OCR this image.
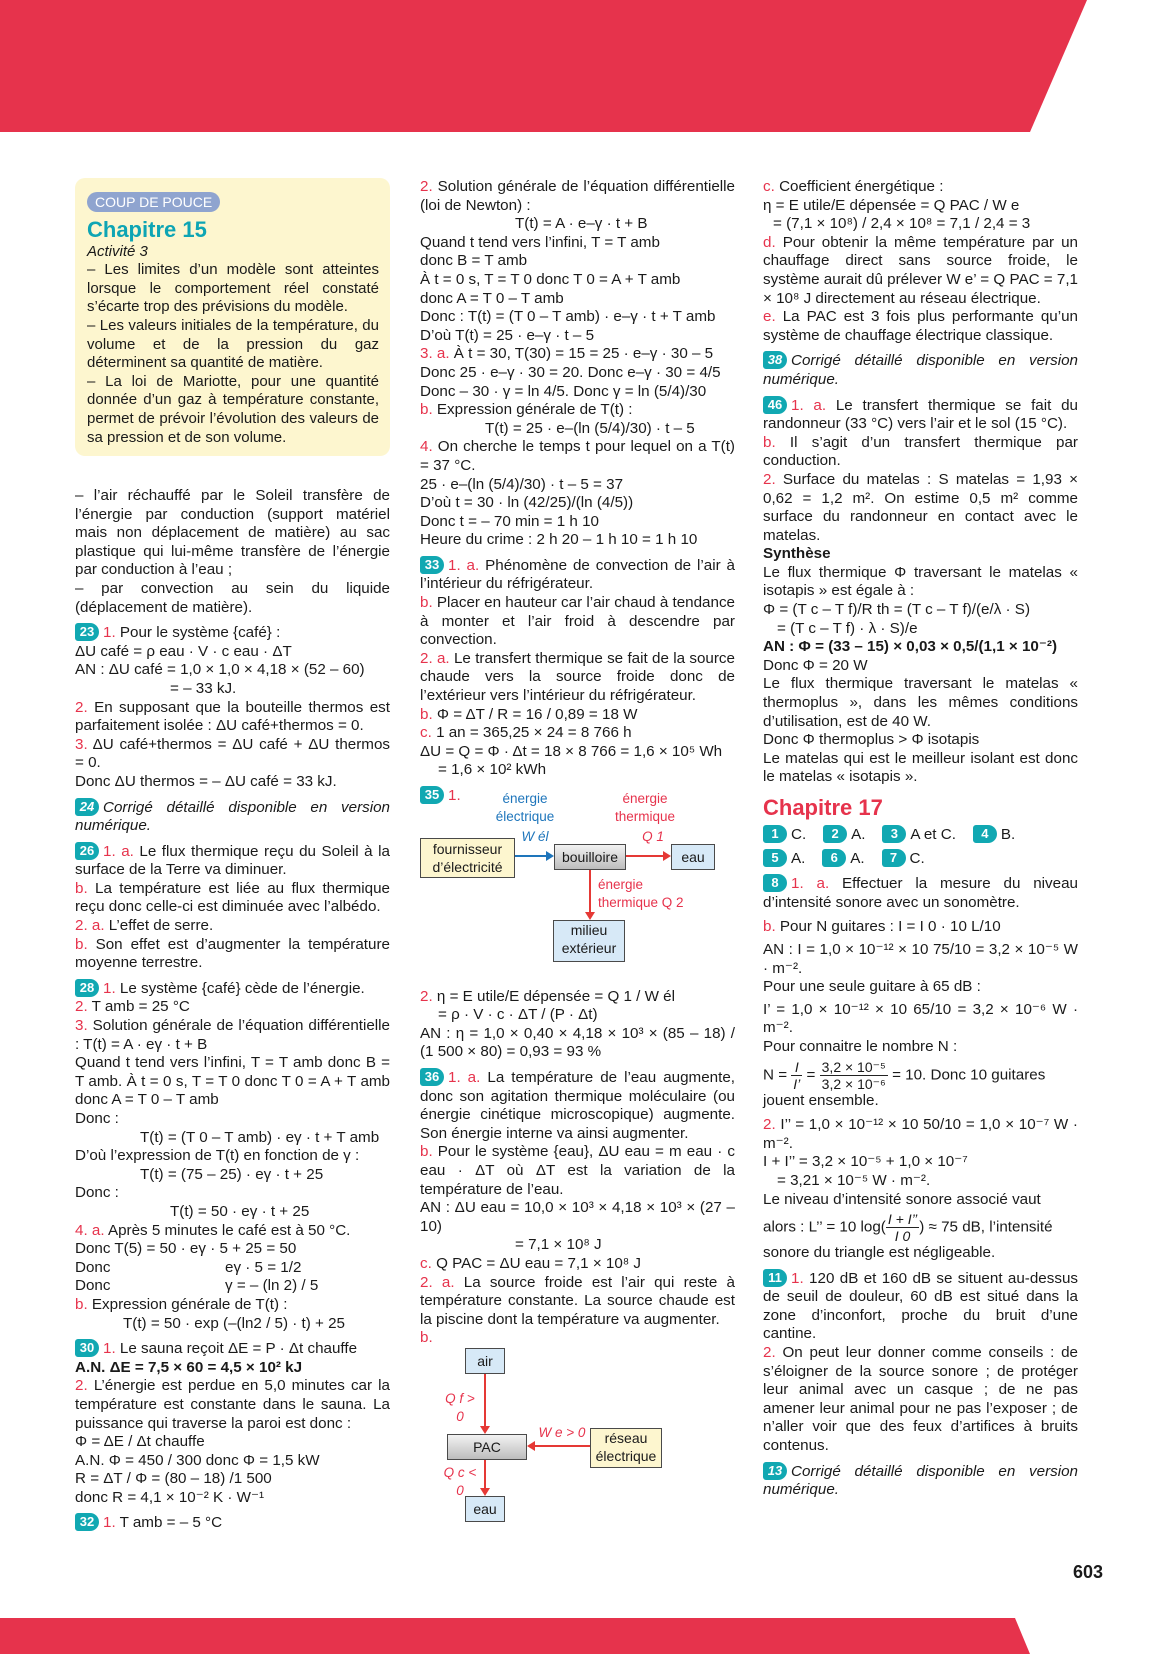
COUP DE POUCE
Chapitre 15
Activité 3

– Les limites d’un modèle sont atteintes lorsque le comportement réel constaté s’écarte trop des prévisions du modèle.

– Les valeurs initiales de la température, du volume et de la pression du gaz déterminent sa quantité de matière.

– La loi de Mariotte, pour une quantité donnée d’un gaz à température constante, permet de prévoir l’évolution des valeurs de sa pression et de son volume.

– l’air réchauffé par le Soleil transfère de l’énergie par conduction (support matériel mais non déplacement de matière) au sac plastique qui lui-même transfère de l’énergie par conduction à l’eau ;

– par convection au sein du liquide (déplacement de matière).

23 1. Pour le système {café} :

ΔU café = ρ eau · V · c eau · ΔT

AN : ΔU café = 1,0 × 1,0 × 4,18 × (52 – 60)

= – 33 kJ.

2. En supposant que la bouteille thermos est parfaitement isolée : ΔU café+thermos = 0.

3. ΔU café+thermos = ΔU café + ΔU thermos = 0.

Donc ΔU thermos = – ΔU café = 33 kJ.

24 Corrigé détaillé disponible en version numérique.

26 1. a. Le flux thermique reçu du Soleil à la surface de la Terre va diminuer.

b. La température est liée au flux thermique reçu donc celle-ci est diminuée avec l’albédo.

2. a. L’effet de serre.

b. Son effet est d’augmenter la température moyenne terrestre.

28 1. Le système {café} cède de l’énergie.

2. T amb = 25 °C

3. Solution générale de l’équation différentielle : T(t) = A · eγ · t + B

Quand t tend vers l’infini, T = T amb donc B = T amb. À t = 0 s, T = T 0 donc T 0 = A + T amb donc A = T 0 – T amb

Donc :

T(t) = (T 0 – T amb) · eγ · t + T amb

D’où l’expression de T(t) en fonction de γ :

T(t) = (75 – 25) · eγ · t + 25

Donc :

T(t) = 50 · eγ · t + 25

4. a. Après 5 minutes le café est à 50 °C.

Donc T(5) = 50 · eγ · 5 + 25 = 50

Donc	eγ · 5 = 1/2

Donc	γ = – (ln 2) / 5

b. Expression générale de T(t) :

T(t) = 50 · exp (–(ln2 / 5) · t) + 25

30 1. Le sauna reçoit ΔE = P · Δt chauffe

A.N. ΔE = 7,5 × 60 = 4,5 × 10² kJ

2. L’énergie est perdue en 5,0 minutes car la température est constante dans le sauna. La puissance qui traverse la paroi est donc :

Φ = ΔE / Δt chauffe

A.N. Φ = 450 / 300 donc Φ = 1,5 kW

R = ΔT / Φ = (80 – 18) /1 500

donc R = 4,1 × 10⁻² K · W⁻¹

32 1. T amb = – 5 °C

2. Solution générale de l’équation différentielle (loi de Newton) :

T(t) = A · e–γ · t + B

Quand t tend vers l’infini, T = T amb

donc B = T amb

À t = 0 s, T = T 0 donc T 0 = A + T amb

donc A = T 0 – T amb

Donc : T(t) = (T 0 – T amb) · e–γ · t + T amb

D’où T(t) = 25 · e–γ · t – 5

3. a. À t = 30, T(30) = 15 = 25 · e–γ · 30 – 5

Donc 25 · e–γ · 30 = 20. Donc e–γ · 30 = 4/5

Donc – 30 · γ = ln 4/5. Donc γ = ln (5/4)/30

b. Expression générale de T(t) :

T(t) = 25 · e–(ln (5/4)/30) · t – 5

4. On cherche le temps t pour lequel on a T(t) = 37 °C.

25 · e–(ln (5/4)/30) · t – 5 = 37

D’où t = 30 · ln (42/25)/(ln (4/5))

Donc t = – 70 min = 1 h 10

Heure du crime : 2 h 20 – 1 h 10 = 1 h 10

33 1. a. Phénomène de convection de l’air à l’intérieur du réfrigérateur.

b. Placer en hauteur car l’air chaud à tendance à monter et l’air froid à descendre par convection.

2. a. Le transfert thermique se fait de la source chaude vers la source froide donc de l’extérieur vers l’intérieur du réfrigérateur.

b. Φ = ΔT / R = 16 / 0,89 = 18 W

c. 1 an = 365,25 × 24 = 8 766 h

ΔU = Q = Φ · Δt = 18 × 8 766 = 1,6 × 10⁵ Wh

= 1,6 × 10² kWh

35 1.	énergie électrique
W él
énergie thermique
Q 1
fournisseur d’électricité
bouilloire	eau
énergie thermique Q 2
milieu extérieur

2. η = E utile/E dépensée = Q 1 / W él

= ρ · V · c · ΔT / (P · Δt)

AN : η = 1,0 × 0,40 × 4,18 × 10³ × (85 – 18) / (1 500 × 80) = 0,93 = 93 %

36 1. a. La température de l’eau augmente, donc son agitation thermique moléculaire (ou énergie cinétique microscopique) augmente. Son énergie interne va ainsi augmenter.

b. Pour le système {eau}, ΔU eau = m eau · c eau · ΔT où ΔT est la variation de la température de l’eau.

AN : ΔU eau = 10,0 × 10³ × 4,18 × 10³ × (27 – 10)

= 7,1 × 10⁸ J

c. Q PAC = ΔU eau = 7,1 × 10⁸ J

2. a. La source froide est l’air qui reste à température constante. La source chaude est la piscine dont la température va augmenter.

b.

air
Q f > 0
PAC
W e > 0	réseau électrique
Q c < 0
eau

c. Coefficient énergétique :

η = E utile/E dépensée = Q PAC / W e

= (7,1 × 10⁸) / 2,4 × 10⁸ = 7,1 / 2,4 = 3

d. Pour obtenir la même température par un chauffage direct sans source froide, le système aurait dû prélever W e’ = Q PAC = 7,1 × 10⁸ J directement au réseau électrique.

e. La PAC est 3 fois plus performante qu’un système de chauffage électrique classique.

38 Corrigé détaillé disponible en version numérique.

46 1. a. Le transfert thermique se fait du randonneur (33 °C) vers l’air et le sol (15 °C).

b. Il s’agit d’un transfert thermique par conduction.

2. Surface du matelas : S matelas = 1,93 × 0,62 = 1,2 m². On estime 0,5 m² comme surface du randonneur en contact avec le matelas.

Synthèse

Le flux thermique Φ traversant le matelas « isotapis » est égale à :

Φ = (T c – T f)/R th = (T c – T f)/(e/λ · S)

= (T c – T f) · λ · S)/e

AN : Φ = (33 – 15) × 0,03 × 0,5/(1,1 × 10⁻²)

Donc Φ = 20 W

Le flux thermique traversant le matelas « thermoplus », dans les mêmes conditions d’utilisation, est de 40 W.

Donc Φ thermoplus > Φ isotapis

Le matelas qui est le meilleur isolant est donc le matelas « isotapis ».

Chapitre 17

1 C. 2 A. 3 A et C. 4 B.

5 A. 6 A. 7 C.

8 1. a. Effectuer la mesure du niveau d’intensité sonore avec un sonomètre.

b. Pour N guitares : I = I 0 · 10 L/10

AN : I = 1,0 × 10⁻¹² × 10 75/10 = 3,2 × 10⁻⁵ W · m⁻².

Pour une seule guitare à 65 dB :

I’ = 1,0 × 10⁻¹² × 10 65/10 = 3,2 × 10⁻⁶ W · m⁻².

Pour connaitre le nombre N :

$N = \frac{I}{I’} = \frac{\text{3,2 × 10⁻⁵}}{\text{3,2 × 10⁻⁶}} = 10$. Donc 10 guitares

jouent ensemble.

2. I’’ = 1,0 × 10⁻¹² × 10 50/10 = 1,0 × 10⁻⁷ W · m⁻².

I + I’’ = 3,2 × 10⁻⁵ + 1,0 × 10⁻⁷

= 3,21 × 10⁻⁵ W · m⁻².

Le niveau d’intensité sonore associé vaut

alors : L’’ = 10 $\log( \frac{I + I’’}{I 0}$ ) ≈ 75 dB, l’intensité

sonore du triangle est négligeable.

11 1. 120 dB et 160 dB se situent au-dessus de seuil de douleur, 60 dB est situé dans la zone d’inconfort, proche du bruit d’une cantine.

2. On peut leur donner comme conseils : de s’éloigner de la source sonore ; de protéger leur animal avec un casque ; de ne pas amener leur animal pour ne pas l’exposer ; de n’aller voir que des feux d’artifices à bruits contenus.

13 Corrigé détaillé disponible en version numérique.

603
